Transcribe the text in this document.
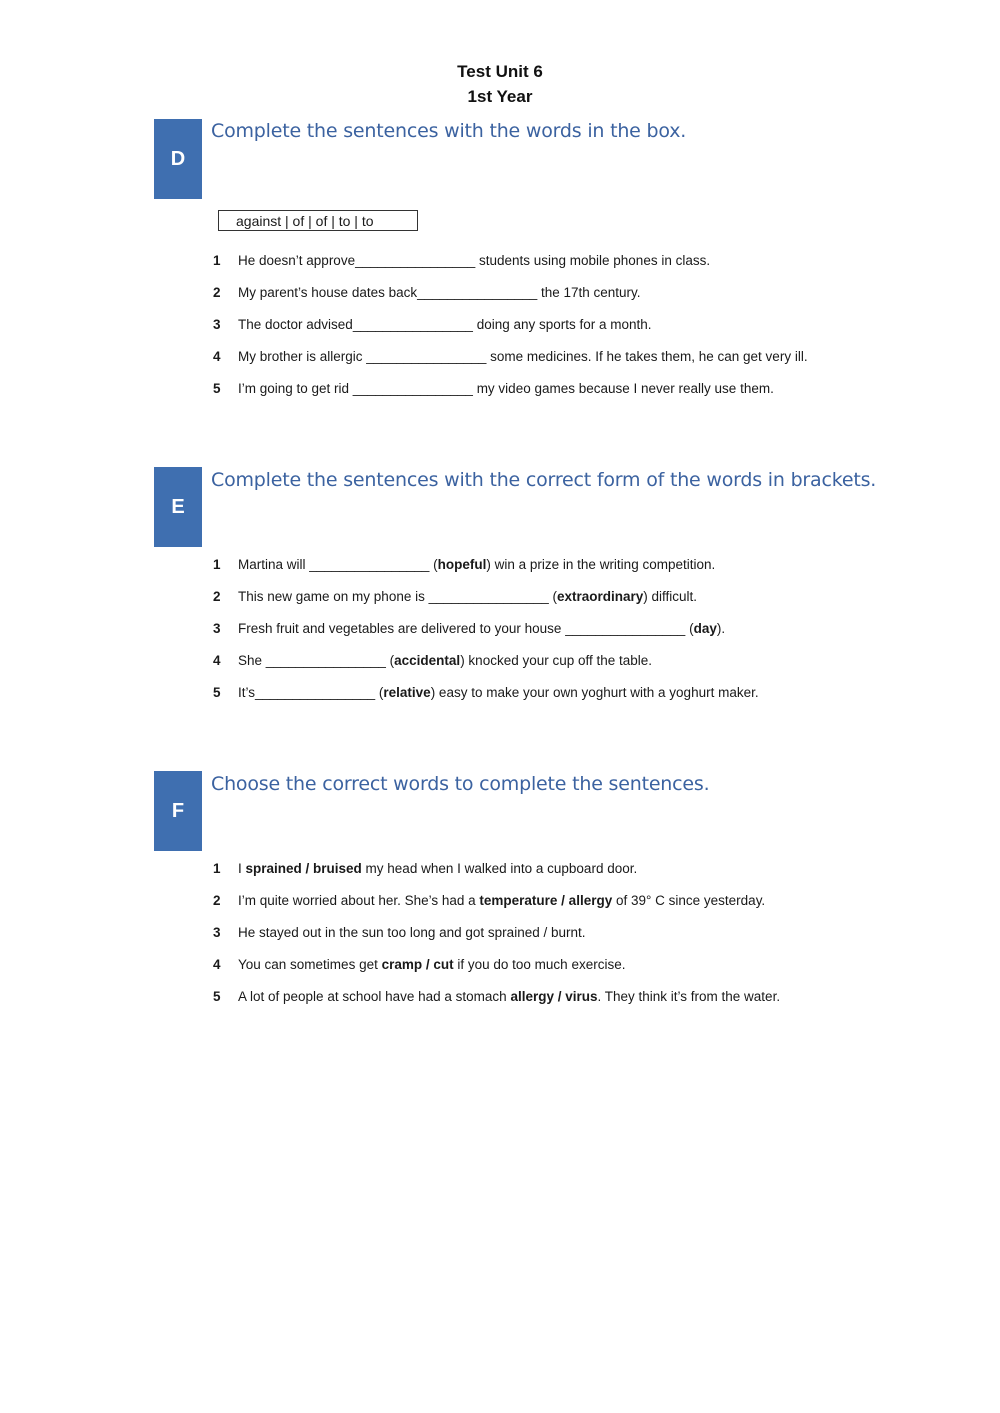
Test Unit 6
1st Year
D
Complete the sentences with the words in the box.
against | of | of | to | to
1	He doesn’t approve________________ students using mobile phones in class.
2	My parent’s house dates back________________ the 17th century.
3	The doctor advised________________ doing any sports for a month.
4	My brother is allergic ________________ some medicines. If he takes them, he can get very ill.
5	I’m going to get rid ________________ my video games because I never really use them.
E
Complete the sentences with the correct form of the words in brackets.
1	Martina will ________________ (hopeful) win a prize in the writing competition.
2	This new game on my phone is ________________ (extraordinary) difficult.
3	Fresh fruit and vegetables are delivered to your house ________________ (day).
4	She ________________ (accidental) knocked your cup off the table.
5	It’s________________ (relative) easy to make your own yoghurt with a yoghurt maker.
F
Choose the correct words to complete the sentences.
1	I sprained / bruised my head when I walked into a cupboard door.
2	I’m quite worried about her. She’s had a temperature / allergy of 39° C since yesterday.
3	He stayed out in the sun too long and got sprained / burnt.
4	You can sometimes get cramp / cut if you do too much exercise.
5	A lot of people at school have had a stomach allergy / virus. They think it’s from the water.
